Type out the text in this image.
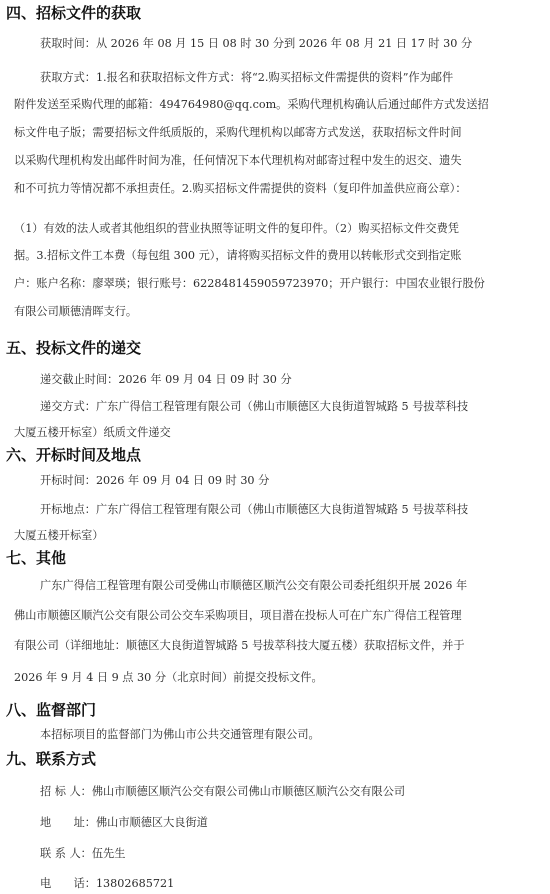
四、招标文件的获取
获取时间：从 2026 年 08 月 15 日 08 时 30 分到 2026 年 08 月 21 日 17 时 30 分
获取方式：1.报名和获取招标文件方式：将“2.购买招标文件需提供的资料”作为邮件
附件发送至采购代理的邮箱：494764980@qq.com。采购代理机构确认后通过邮件方式发送招
标文件电子版；需要招标文件纸质版的，采购代理机构以邮寄方式发送，获取招标文件时间
以采购代理机构发出邮件时间为准，任何情况下本代理机构对邮寄过程中发生的迟交、遗失
和不可抗力等情况都不承担责任。2.购买招标文件需提供的资料（复印件加盖供应商公章）：
（1）有效的法人或者其他组织的营业执照等证明文件的复印件。（2）购买招标文件交费凭
据。3.招标文件工本费（每包组 300 元），请将购买招标文件的费用以转帐形式交到指定账
户：账户名称：廖翠瑛；银行账号：6228481459059723970；开户银行：中国农业银行股份
有限公司顺德清晖支行。
五、投标文件的递交
递交截止时间：2026 年 09 月 04 日 09 时 30 分
递交方式：广东广得信工程管理有限公司（佛山市顺德区大良街道智城路 5 号拔萃科技
大厦五楼开标室）纸质文件递交
六、开标时间及地点
开标时间：2026 年 09 月 04 日 09 时 30 分
开标地点：广东广得信工程管理有限公司（佛山市顺德区大良街道智城路 5 号拔萃科技
大厦五楼开标室）
七、其他
广东广得信工程管理有限公司受佛山市顺德区顺汽公交有限公司委托组织开展 2026 年
佛山市顺德区顺汽公交有限公司公交车采购项目，项目潜在投标人可在广东广得信工程管理
有限公司（详细地址：顺德区大良街道智城路 5 号拔萃科技大厦五楼）获取招标文件，并于
2026 年 9 月 4 日 9 点 30 分（北京时间）前提交投标文件。
八、监督部门
本招标项目的监督部门为佛山市公共交通管理有限公司。
九、联系方式
招 标 人：佛山市顺德区顺汽公交有限公司佛山市顺德区顺汽公交有限公司
地　　址：佛山市顺德区大良街道
联 系 人：伍先生
电　　话：13802685721
